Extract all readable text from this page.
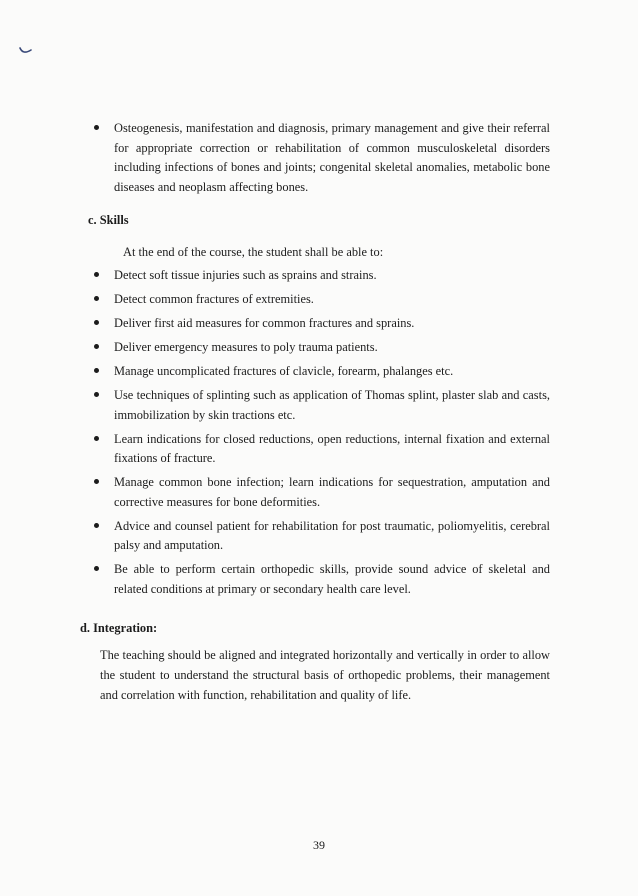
Osteogenesis, manifestation and diagnosis, primary management and give their referral for appropriate correction or rehabilitation of common musculoskeletal disorders including infections of bones and joints; congenital skeletal anomalies, metabolic bone diseases and neoplasm affecting bones.
c. Skills
At the end of the course, the student shall be able to:
Detect soft tissue injuries such as sprains and strains.
Detect common fractures of extremities.
Deliver first aid measures for common fractures and sprains.
Deliver emergency measures to poly trauma patients.
Manage uncomplicated fractures of clavicle, forearm, phalanges etc.
Use techniques of splinting such as application of Thomas splint, plaster slab and casts, immobilization by skin tractions etc.
Learn indications for closed reductions, open reductions, internal fixation and external fixations of fracture.
Manage common bone infection; learn indications for sequestration, amputation and corrective measures for bone deformities.
Advice and counsel patient for rehabilitation for post traumatic, poliomyelitis, cerebral palsy and amputation.
Be able to perform certain orthopedic skills, provide sound advice of skeletal and related conditions at primary or secondary health care level.
d. Integration:
The teaching should be aligned and integrated horizontally and vertically in order to allow the student to understand the structural basis of orthopedic problems, their management and correlation with function, rehabilitation and quality of life.
39
